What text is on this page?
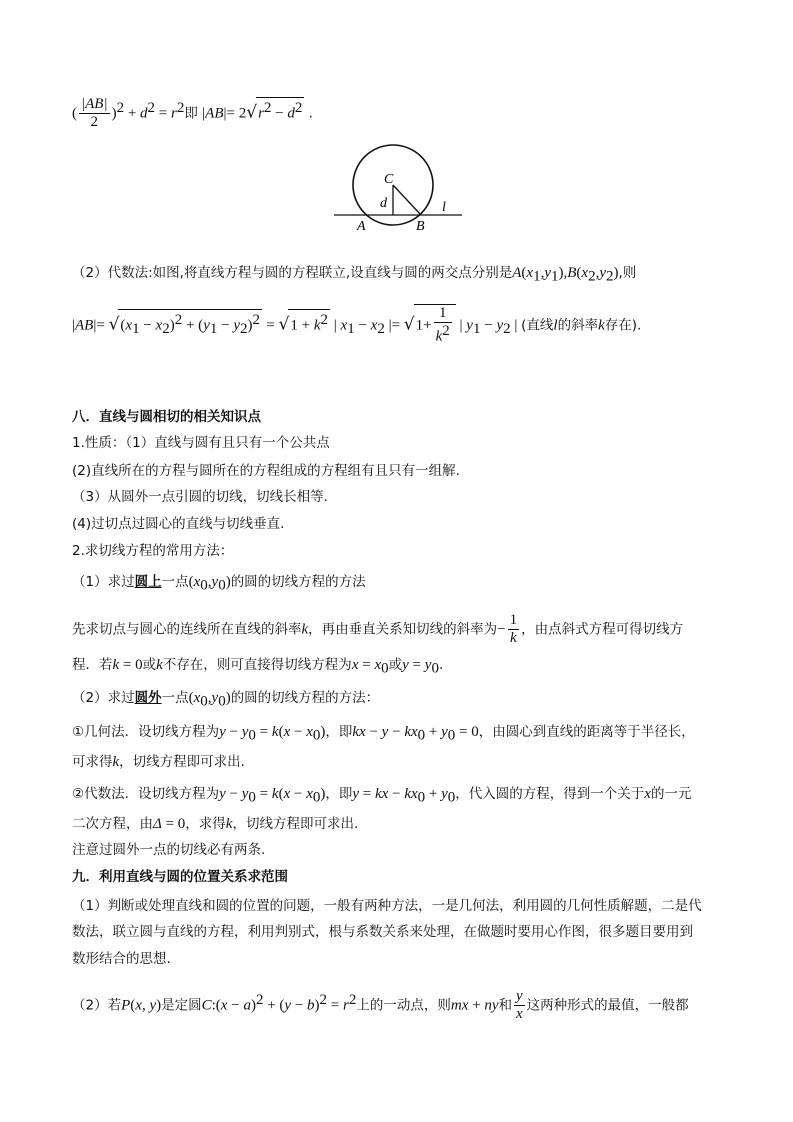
( $\frac{|AB|}{2} )^2 + d^2 = r^2$即 $|AB|= 2√r^2 - d^2$ .
C
d
A	B
l
（2）代数法:如图,将直线方程与圆的方程联立,设直线与圆的两交点分别是$A(x_1,y_1),B(x_2,y_2)$,则
$|AB|= √(x_1 - x_2)^2 + (y_1 - y_2)^2 = √1 + k^2$ | $x_1 - x_2$ |= $√1+ \frac{1}{k^2}$ | $y_1 - y_2$ | (直线l的斜率k存在).
八．直线与圆相切的相关知识点
1.性质：（1）直线与圆有且只有一个公共点
(2)直线所在的方程与圆所在的方程组成的方程组有且只有一组解.
（3）从圆外一点引圆的切线，切线长相等.
(4)过切点过圆心的直线与切线垂直.
2.求切线方程的常用方法：
（1）求过圆上一点$(x_0,y_0)$的圆的切线方程的方法
先求切点与圆心的连线所在直线的斜率k，再由垂直关系知切线的斜率为− $\frac{1}{k}$ ，由点斜式方程可得切线方
程．若k = 0或k不存在，则可直接得切线方程为$x = x_0$或$y = y_0$.
（2）求过圆外一点$(x_0,y_0)$的圆的切线方程的方法：
①几何法．设切线方程为$y - y_0 = k(x - x_0)$，即kx − $y - kx_0 + y_0 = 0$，由圆心到直线的距离等于半径长，
可求得k，切线方程即可求出.
②代数法．设切线方程为$y - y_0 = k(x - x_0)$，即y = kx − $kx_0 + y_0$，代入圆的方程，得到一个关于x的一元
二次方程，由Δ = 0，求得k，切线方程即可求出.
注意过圆外一点的切线必有两条.
九．利用直线与圆的位置关系求范围
（1）判断或处理直线和圆的位置的问题，一般有两种方法，一是几何法，利用圆的几何性质解题，二是代
数法，联立圆与直线的方程，利用判别式，根与系数关系来处理，在做题时要用心作图，很多题目要用到
数形结合的思想.
（2）若P(x, y)是定圆C:(x − $a)^2 + (y - b)^2 = r^2$上的一动点，则mx + ny和 $\frac{y}{x}$ 这两种形式的最值，一般都
